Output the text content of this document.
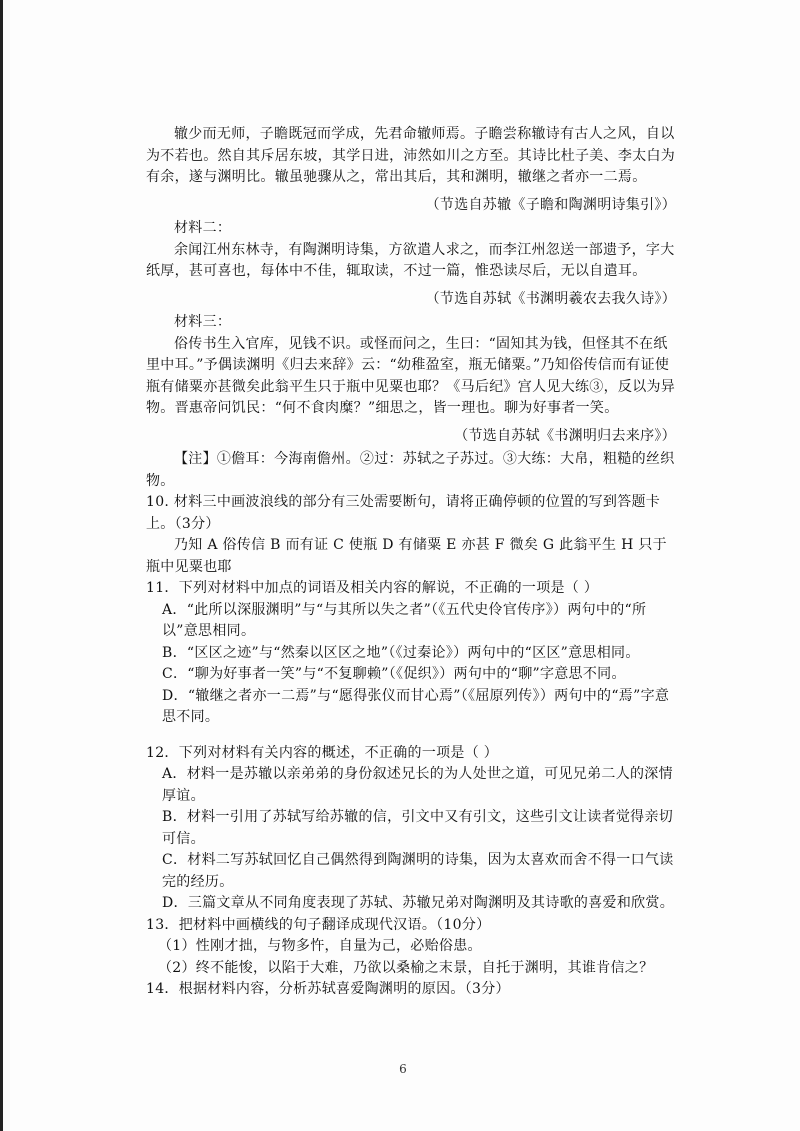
辙少而无师，子瞻既冠而学成，先君命辙师焉。子瞻尝称辙诗有古人之风，自以为不若也。然自其斥居东坡，其学日进，沛然如川之方至。其诗比杜子美、李太白为有余，遂与渊明比。辙虽驰骤从之，常出其后，其和渊明，辙继之者亦一二焉。

（节选自苏辙《子瞻和陶渊明诗集引》）

材料二：

余闻江州东林寺，有陶渊明诗集，方欲遣人求之，而李江州忽送一部遗予，字大纸厚，甚可喜也，每体中不佳，辄取读，不过一篇，惟恐读尽后，无以自遣耳。

（节选自苏轼《书渊明羲农去我久诗》）

材料三：

俗传书生入官库，见钱不识。或怪而问之，生曰：“固知其为钱，但怪其不在纸里中耳。”予偶读渊明《归去来辞》云：“幼稚盈室，瓶无储粟。”乃知俗传信而有证使瓶有储粟亦甚微矣此翁平生只于瓶中见粟也耶？《马后纪》宫人见大练③，反以为异物。晋惠帝问饥民：“何不食肉糜？”细思之，皆一理也。聊为好事者一笑。

（节选自苏轼《书渊明归去来序》）

【注】①儋耳：今海南儋州。②过：苏轼之子苏过。③大练：大帛，粗糙的丝织物。

10. 材料三中画波浪线的部分有三处需要断句，请将正确停顿的位置的写到答题卡上。（3分）

乃知 A 俗传信 B 而有证 C 使瓶 D 有储粟 E 亦甚 F 微矣 G 此翁平生 H 只于瓶中见粟也耶

11．下列对材料中加点的词语及相关内容的解说，不正确的一项是（ ）

A．“此所以深服渊明”与“与其所以失之者”（《五代史伶官传序》）两句中的“所以”意思相同。

B．“区区之迹”与“然秦以区区之地”（《过秦论》）两句中的“区区”意思相同。

C．“聊为好事者一笑”与“不复聊赖”（《促织》）两句中的“聊”字意思不同。

D．“辙继之者亦一二焉”与“愿得张仪而甘心焉”（《屈原列传》）两句中的“焉”字意思不同。

12．下列对材料有关内容的概述，不正确的一项是（ ）

A．材料一是苏辙以亲弟弟的身份叙述兄长的为人处世之道，可见兄弟二人的深情厚谊。

B．材料一引用了苏轼写给苏辙的信，引文中又有引文，这些引文让读者觉得亲切可信。

C．材料二写苏轼回忆自己偶然得到陶渊明的诗集，因为太喜欢而舍不得一口气读完的经历。

D．三篇文章从不同角度表现了苏轼、苏辙兄弟对陶渊明及其诗歌的喜爱和欣赏。

13．把材料中画横线的句子翻译成现代汉语。（10分）

（1）性刚才拙，与物多忤，自量为己，必贻俗患。

（2）终不能悛，以陷于大难，乃欲以桑榆之末景，自托于渊明，其谁肯信之？

14．根据材料内容，分析苏轼喜爱陶渊明的原因。（3分）

6
